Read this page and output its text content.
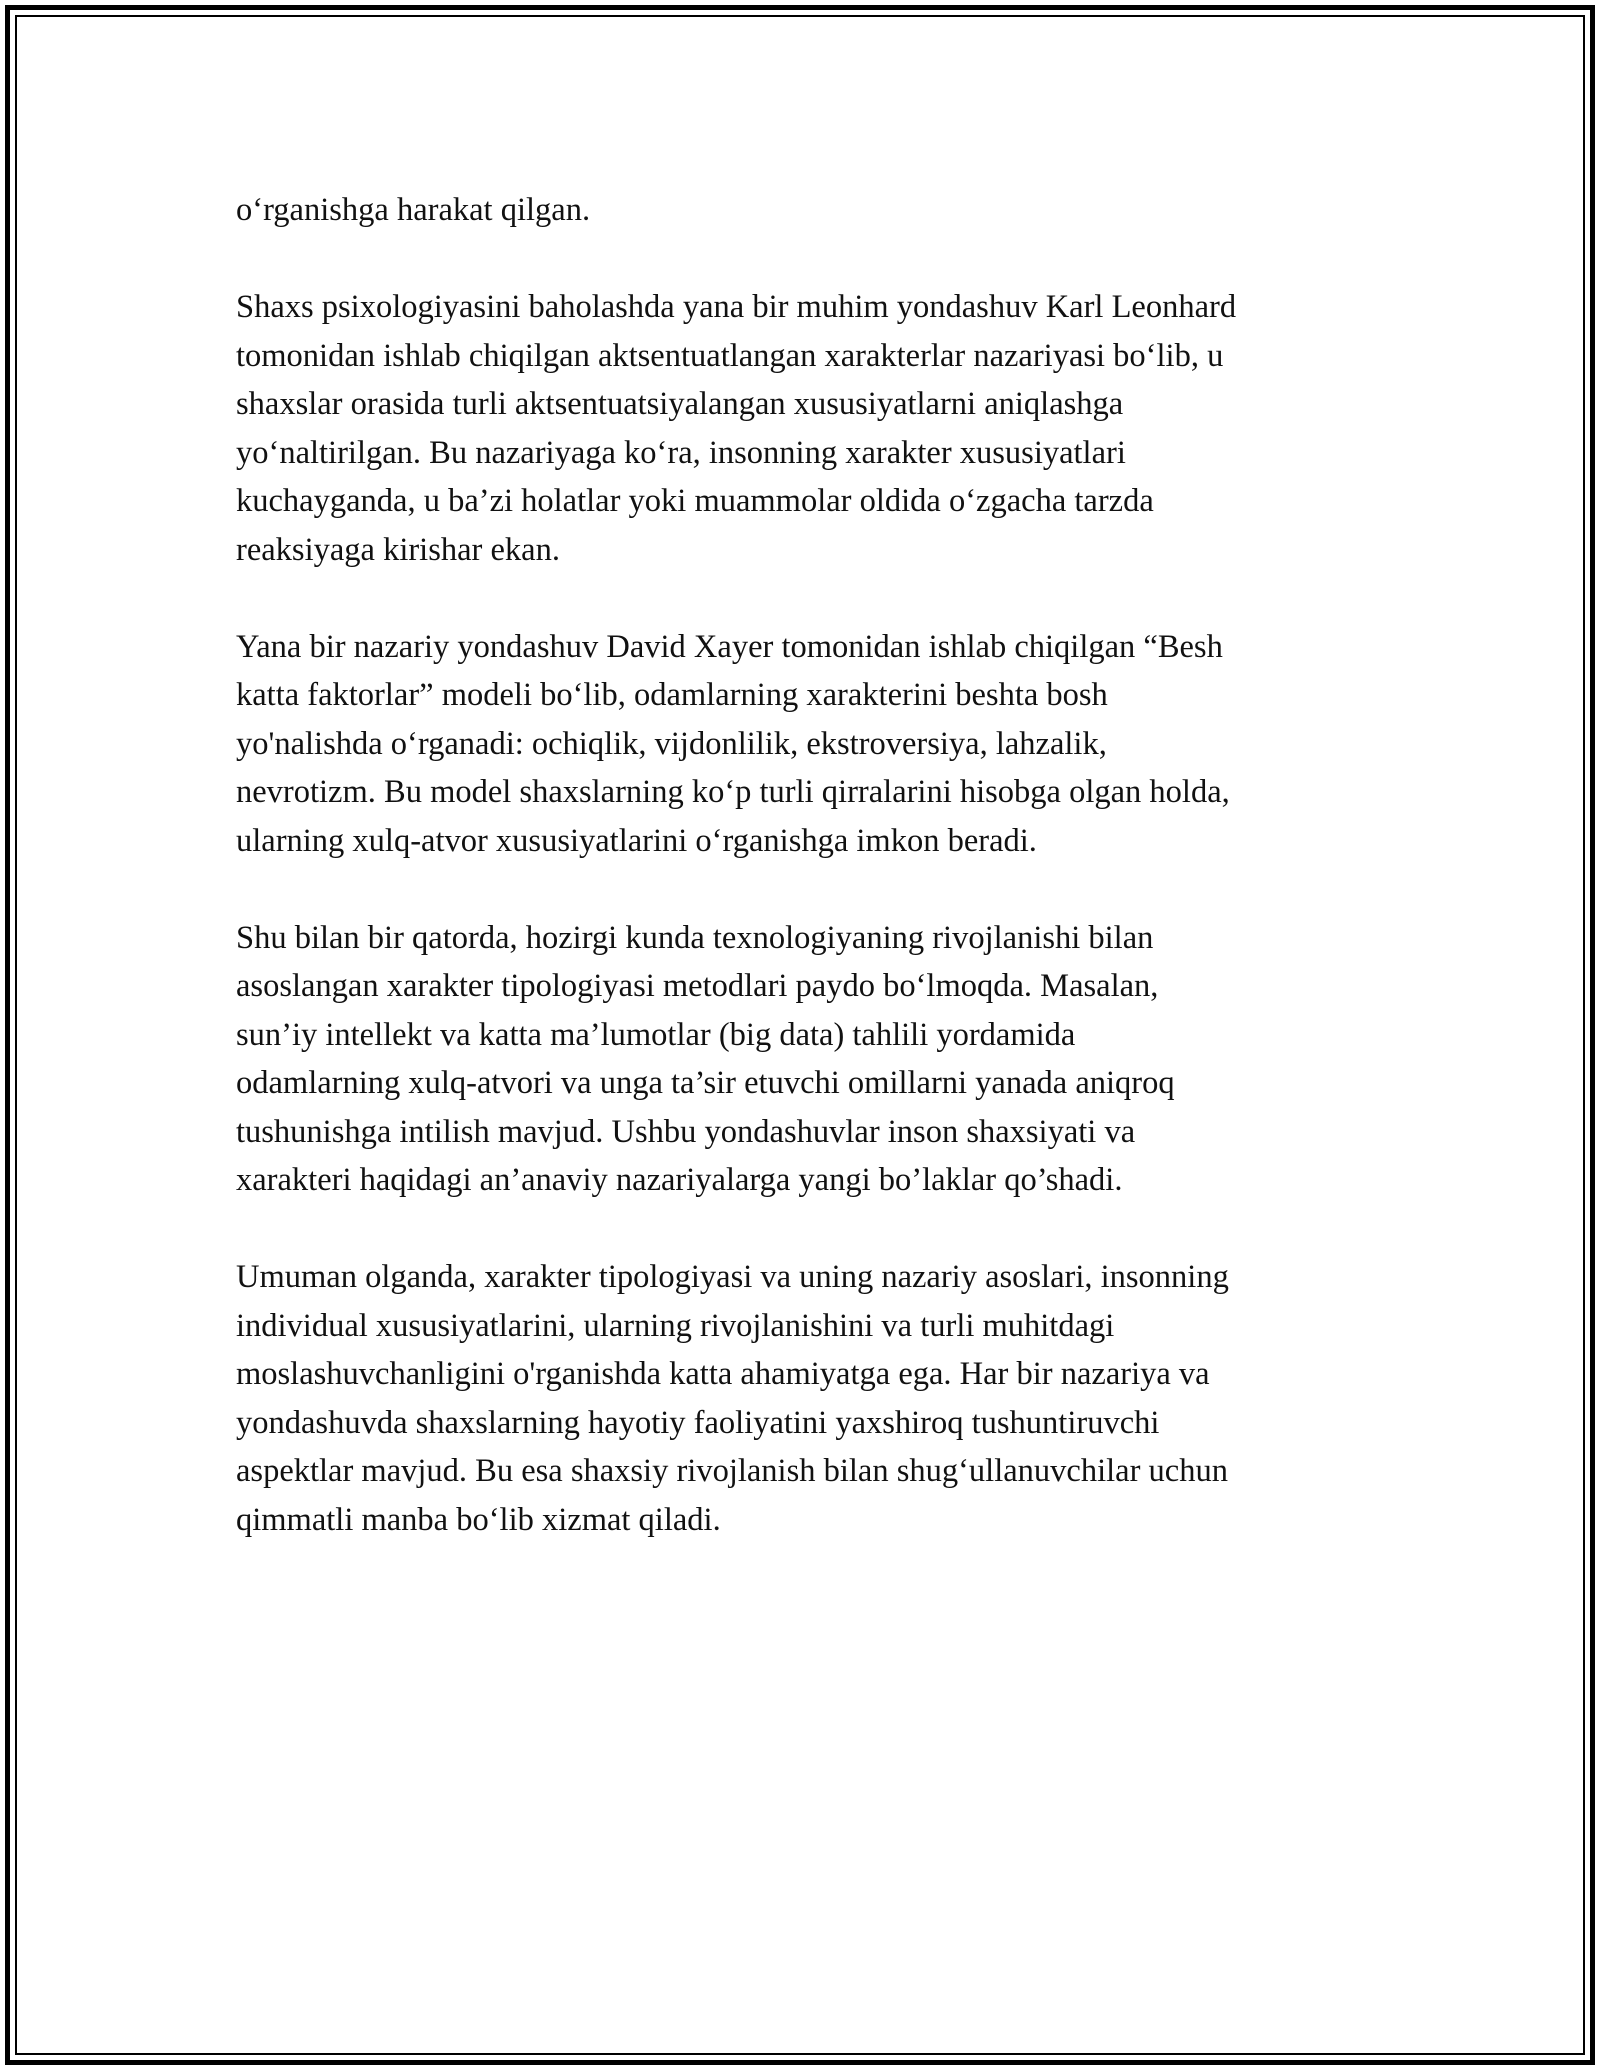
o‘rganishga harakat qilgan.

Shaxs psixologiyasini baholashda yana bir muhim yondashuv Karl Leonhard
tomonidan ishlab chiqilgan aktsentuatlangan xarakterlar nazariyasi bo‘lib, u
shaxslar orasida turli aktsentuatsiyalangan xususiyatlarni aniqlashga
yo‘naltirilgan. Bu nazariyaga ko‘ra, insonning xarakter xususiyatlari
kuchayganda, u ba’zi holatlar yoki muammolar oldida o‘zgacha tarzda
reaksiyaga kirishar ekan.

Yana bir nazariy yondashuv David Xayer tomonidan ishlab chiqilgan “Besh
katta faktorlar” modeli bo‘lib, odamlarning xarakterini beshta bosh
yo'nalishda o‘rganadi: ochiqlik, vijdonlilik, ekstroversiya, lahzalik,
nevrotizm. Bu model shaxslarning ko‘p turli qirralarini hisobga olgan holda,
ularning xulq-atvor xususiyatlarini o‘rganishga imkon beradi.

Shu bilan bir qatorda, hozirgi kunda texnologiyaning rivojlanishi bilan
asoslangan xarakter tipologiyasi metodlari paydo bo‘lmoqda. Masalan,
sun’iy intellekt va katta ma’lumotlar (big data) tahlili yordamida
odamlarning xulq-atvori va unga ta’sir etuvchi omillarni yanada aniqroq
tushunishga intilish mavjud. Ushbu yondashuvlar inson shaxsiyati va
xarakteri haqidagi an’anaviy nazariyalarga yangi bo’laklar qo’shadi.

Umuman olganda, xarakter tipologiyasi va uning nazariy asoslari, insonning
individual xususiyatlarini, ularning rivojlanishini va turli muhitdagi
moslashuvchanligini o'rganishda katta ahamiyatga ega. Har bir nazariya va
yondashuvda shaxslarning hayotiy faoliyatini yaxshiroq tushuntiruvchi
aspektlar mavjud. Bu esa shaxsiy rivojlanish bilan shug‘ullanuvchilar uchun
qimmatli manba bo‘lib xizmat qiladi.
